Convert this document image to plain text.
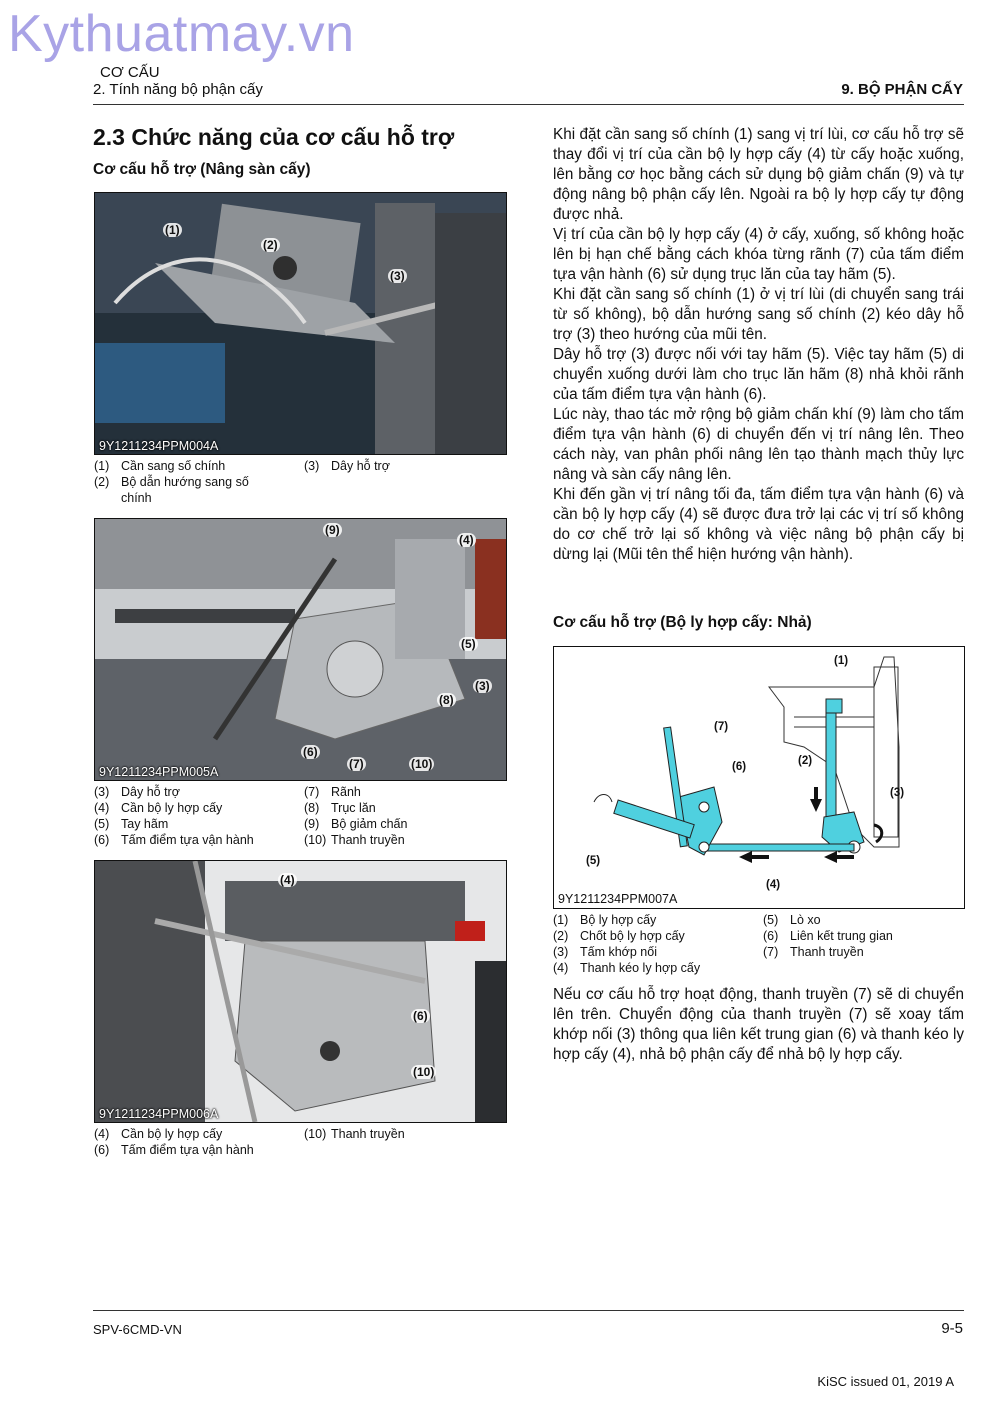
Kythuatmay.vn
CƠ CẤU
2. Tính năng bộ phận cấy	9. BỘ PHẬN CẤY
2.3 Chức năng của cơ cấu hỗ trợ
Cơ cấu hỗ trợ (Nâng sàn cấy)
(1)
(2)
(3)
9Y1211234PPM004A
(1) Cần sang số chính	(3) Dây hỗ trợ
(2) Bộ dẫn hướng sang số chính
(9)
(4)
(5)
(8)
(3)
(6)
(7)	(10)
9Y1211234PPM005A
(3) Dây hỗ trợ	(7) Rãnh
(4) Cần bộ ly hợp cấy	(8) Trục lăn
(5) Tay hãm	(9) Bộ giảm chấn
(6) Tấm điểm tựa vận hành	(10) Thanh truyền
(4)
(6)
(10)
9Y1211234PPM006A
(4) Cần bộ ly hợp cấy	(10) Thanh truyền
(6) Tấm điểm tựa vận hành

Khi đặt cần sang số chính (1) sang vị trí lùi, cơ cấu hỗ trợ sẽ thay đổi vị trí của cần bộ ly hợp cấy (4) từ cấy hoặc xuống, lên bằng cơ học bằng cách sử dụng bộ giảm chấn (9) và tự động nâng bộ phận cấy lên. Ngoài ra bộ ly hợp cấy tự động được nhả.

Vị trí của cần bộ ly hợp cấy (4) ở cấy, xuống, số không hoặc lên bị hạn chế bằng cách khóa từng rãnh (7) của tấm điểm tựa vận hành (6) sử dụng trục lăn của tay hãm (5).

Khi đặt cần sang số chính (1) ở vị trí lùi (di chuyển sang trái từ số không), bộ dẫn hướng sang số chính (2) kéo dây hỗ trợ (3) theo hướng của mũi tên.

Dây hỗ trợ (3) được nối với tay hãm (5). Việc tay hãm (5) di chuyển xuống dưới làm cho trục lăn hãm (8) nhả khỏi rãnh của tấm điểm tựa vận hành (6).

Lúc này, thao tác mở rộng bộ giảm chấn khí (9) làm cho tấm điểm tựa vận hành (6) di chuyển đến vị trí nâng lên. Theo cách này, van phân phối nâng lên tạo thành mạch thủy lực nâng và sàn cấy nâng lên.

Khi đến gần vị trí nâng tối đa, tấm điểm tựa vận hành (6) và cần bộ ly hợp cấy (4) sẽ được đưa trở lại các vị trí số không do cơ chế trở lại số không và việc nâng bộ phận cấy bị dừng lại (Mũi tên thể hiện hướng vận hành).

Cơ cấu hỗ trợ (Bộ ly hợp cấy: Nhả)
(1)
(7)
(6)	(2)
(3)
(5)
(4)
9Y1211234PPM007A
(1) Bộ ly hợp cấy	(5) Lò xo
(2) Chốt bộ ly hợp cấy	(6) Liên kết trung gian
(3) Tấm khớp nối	(7) Thanh truyền
(4) Thanh kéo ly hợp cấy

Nếu cơ cấu hỗ trợ hoạt động, thanh truyền (7) sẽ di chuyển lên trên. Chuyển động của thanh truyền (7) sẽ xoay tấm khớp nối (3) thông qua liên kết trung gian (6) và thanh kéo ly hợp cấy (4), nhả bộ phận cấy để nhả bộ ly hợp cấy.

SPV-6CMD-VN	9-5
KiSC issued 01, 2019 A
